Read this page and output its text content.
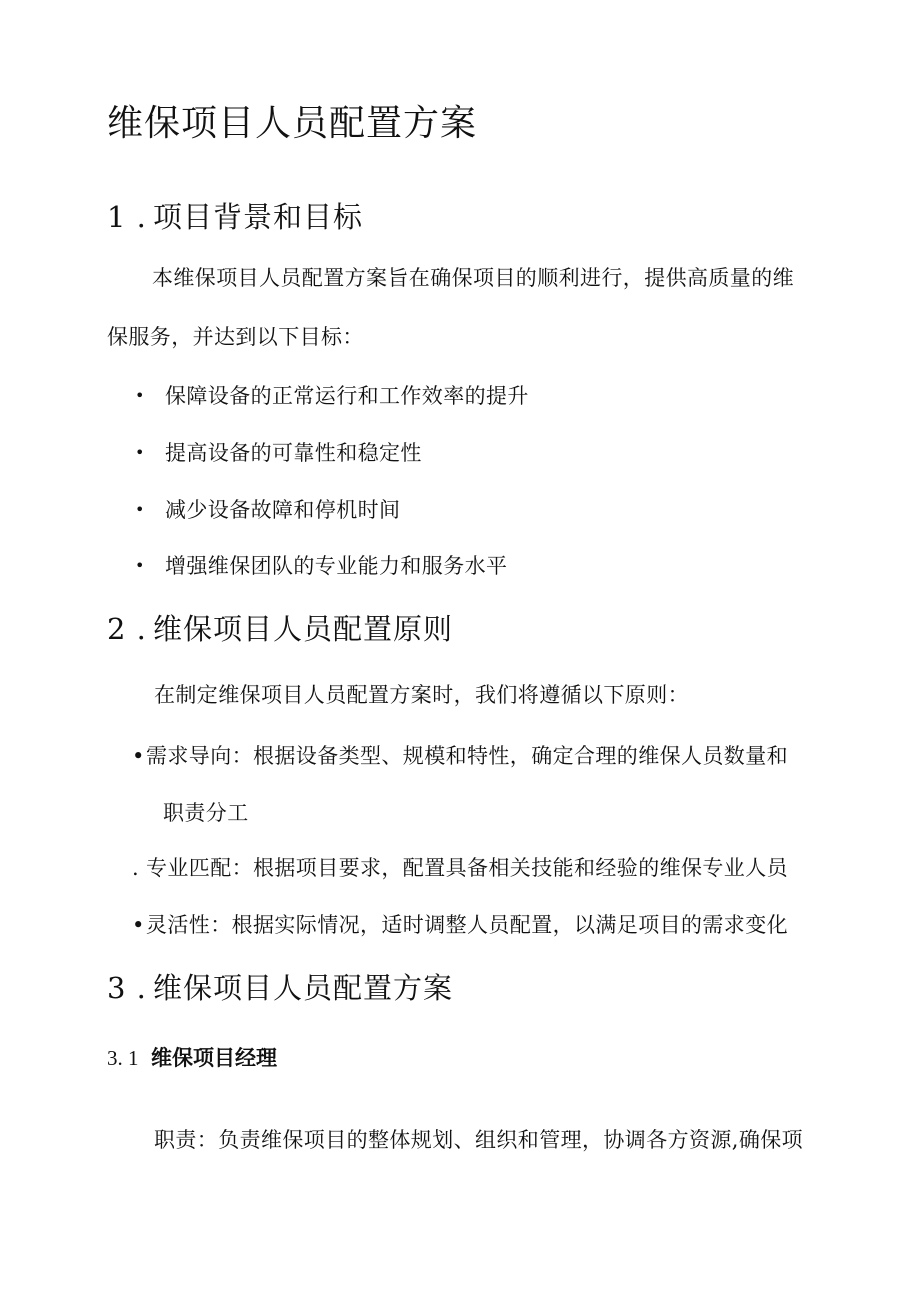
维保项目人员配置方案
1 . 项目背景和目标
本维保项目人员配置方案旨在确保项目的顺利进行，提供高质量的维
保服务，并达到以下目标：
• 保障设备的正常运行和工作效率的提升
• 提高设备的可靠性和稳定性
• 减少设备故障和停机时间
• 增强维保团队的专业能力和服务水平
2 . 维保项目人员配置原则
在制定维保项目人员配置方案时，我们将遵循以下原则：
•需求导向：根据设备类型、规模和特性，确定合理的维保人员数量和
职责分工
. 专业匹配：根据项目要求，配置具备相关技能和经验的维保专业人员
•灵活性：根据实际情况，适时调整人员配置，以满足项目的需求变化
3 . 维保项目人员配置方案
3. 1 维保项目经理
职责：负责维保项目的整体规划、组织和管理，协调各方资源,确保项
